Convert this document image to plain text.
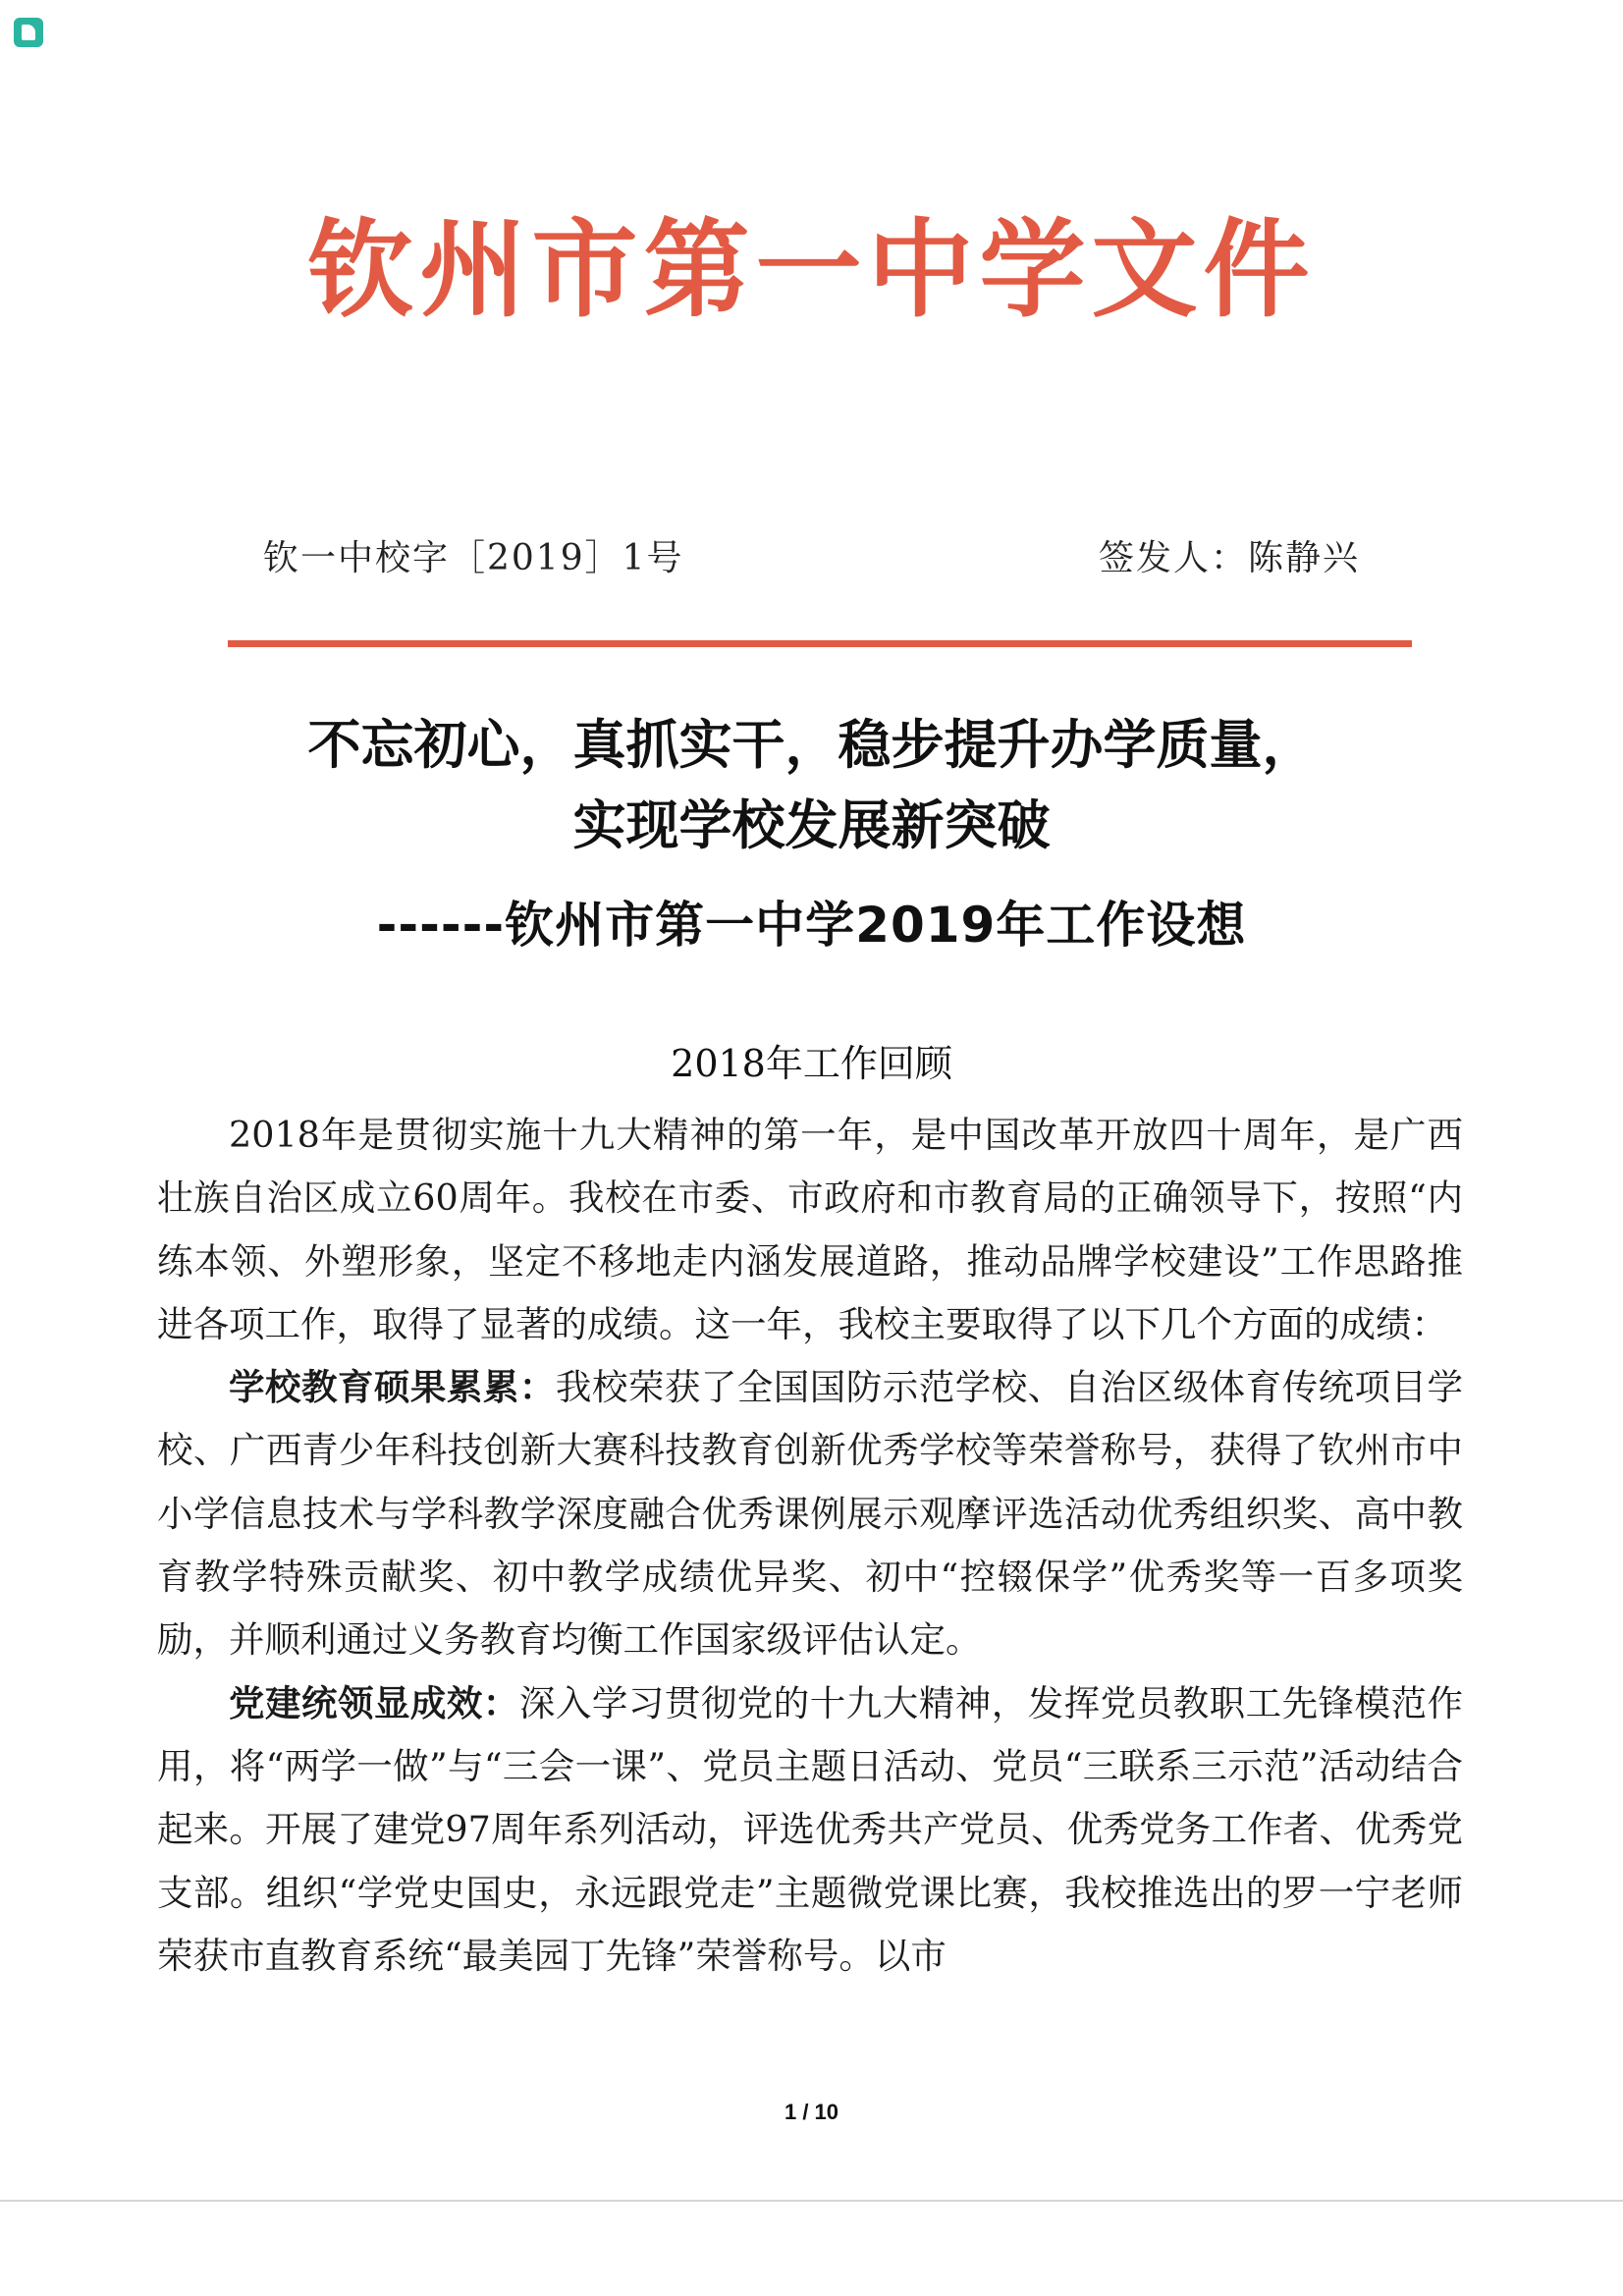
钦州市第一中学文件
钦一中校字［2019］1号	签发人：陈静兴
不忘初心，真抓实干，稳步提升办学质量，
实现学校发展新突破
------钦州市第一中学2019年工作设想
2018年工作回顾

2018年是贯彻实施十九大精神的第一年，是中国改革开放四十周年，是广西壮族自治区成立60周年。我校在市委、市政府和市教育局的正确领导下，按照“内练本领、外塑形象，坚定不移地走内涵发展道路，推动品牌学校建设”工作思路推进各项工作，取得了显著的成绩。这一年，我校主要取得了以下几个方面的成绩：

学校教育硕果累累：我校荣获了全国国防示范学校、自治区级体育传统项目学校、广西青少年科技创新大赛科技教育创新优秀学校等荣誉称号，获得了钦州市中小学信息技术与学科教学深度融合优秀课例展示观摩评选活动优秀组织奖、高中教育教学特殊贡献奖、初中教学成绩优异奖、初中“控辍保学”优秀奖等一百多项奖励，并顺利通过义务教育均衡工作国家级评估认定。

党建统领显成效：深入学习贯彻党的十九大精神，发挥党员教职工先锋模范作用，将“两学一做”与“三会一课”、党员主题日活动、党员“三联系三示范”活动结合起来。开展了建党97周年系列活动，评选优秀共产党员、优秀党务工作者、优秀党支部。组织“学党史国史，永远跟党走”主题微党课比赛，我校推选出的罗一宁老师荣获市直教育系统“最美园丁先锋”荣誉称号。以市

1 / 10
